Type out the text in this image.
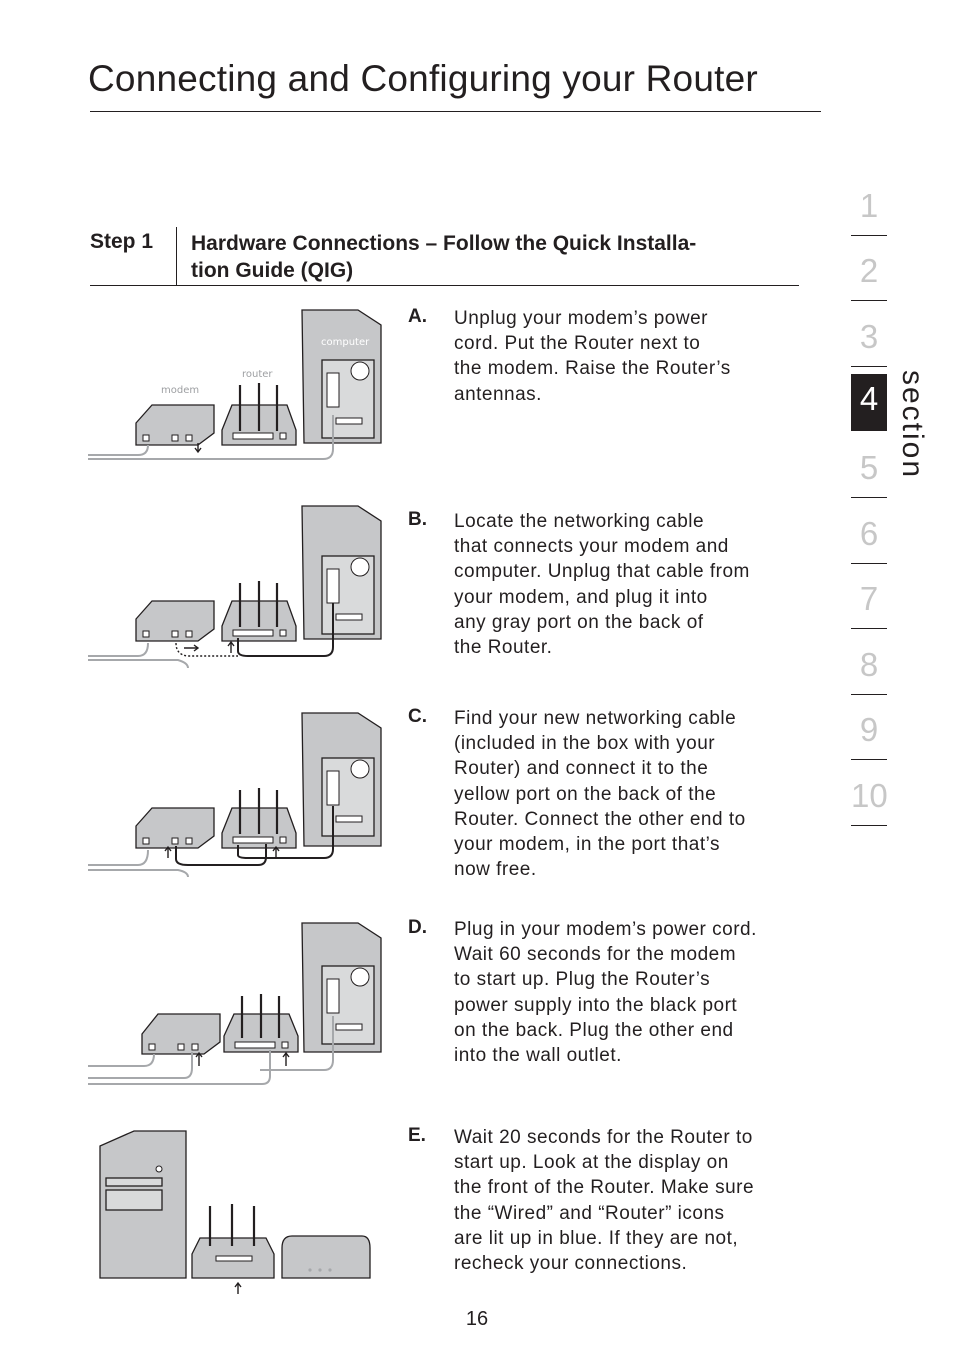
Connecting and Configuring your Router
Step 1 Hardware Connections – Follow the Quick Installa-
tion Guide (QIG)
A. Unplug your modem’s power
cord. Put the Router next to
the modem. Raise the Router’s
antennas.
B. Locate the networking cable
that connects your modem and
computer. Unplug that cable from
your modem, and plug it into
any gray port on the back of
the Router.
C. Find your new networking cable
(included in the box with your
Router) and connect it to the
yellow port on the back of the
Router. Connect the other end to
your modem, in the port that’s
now free.
D. Plug in your modem’s power cord.
Wait 60 seconds for the modem
to start up. Plug the Router’s
power supply into the black port
on the back. Plug the other end
into the wall outlet.
E. Wait 20 seconds for the Router to
start up. Look at the display on
the front of the Router. Make sure
the “Wired” and “Router” icons
are lit up in blue. If they are not,
recheck your connections.
modem
router
computer
1
2
3
5
6
7
8
9
10
4 section
16
